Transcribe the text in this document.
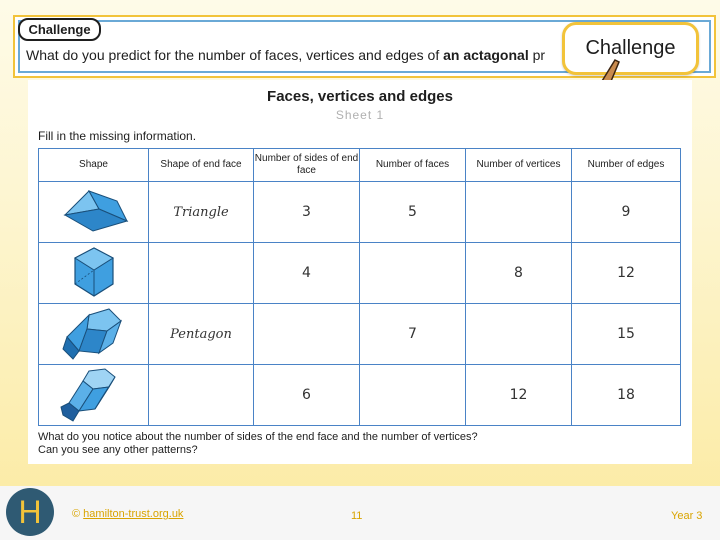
Challenge
What do you predict for the number of faces, vertices and edges of an actagonal pr	Challenge
Faces, vertices and edges
Sheet 1
Fill in the missing information.
Shape	Shape of end face	Number of sides of end face	Number of faces	Number of vertices	Number of edges

	Triangle	3	5		9

		4		8	12

	Pentagon		7		15

		6		12	18
What do you notice about the number of sides of the end face and the number of vertices?
Can you see any other patterns?
H	© hamilton-trust.org.uk	11	Year 3
